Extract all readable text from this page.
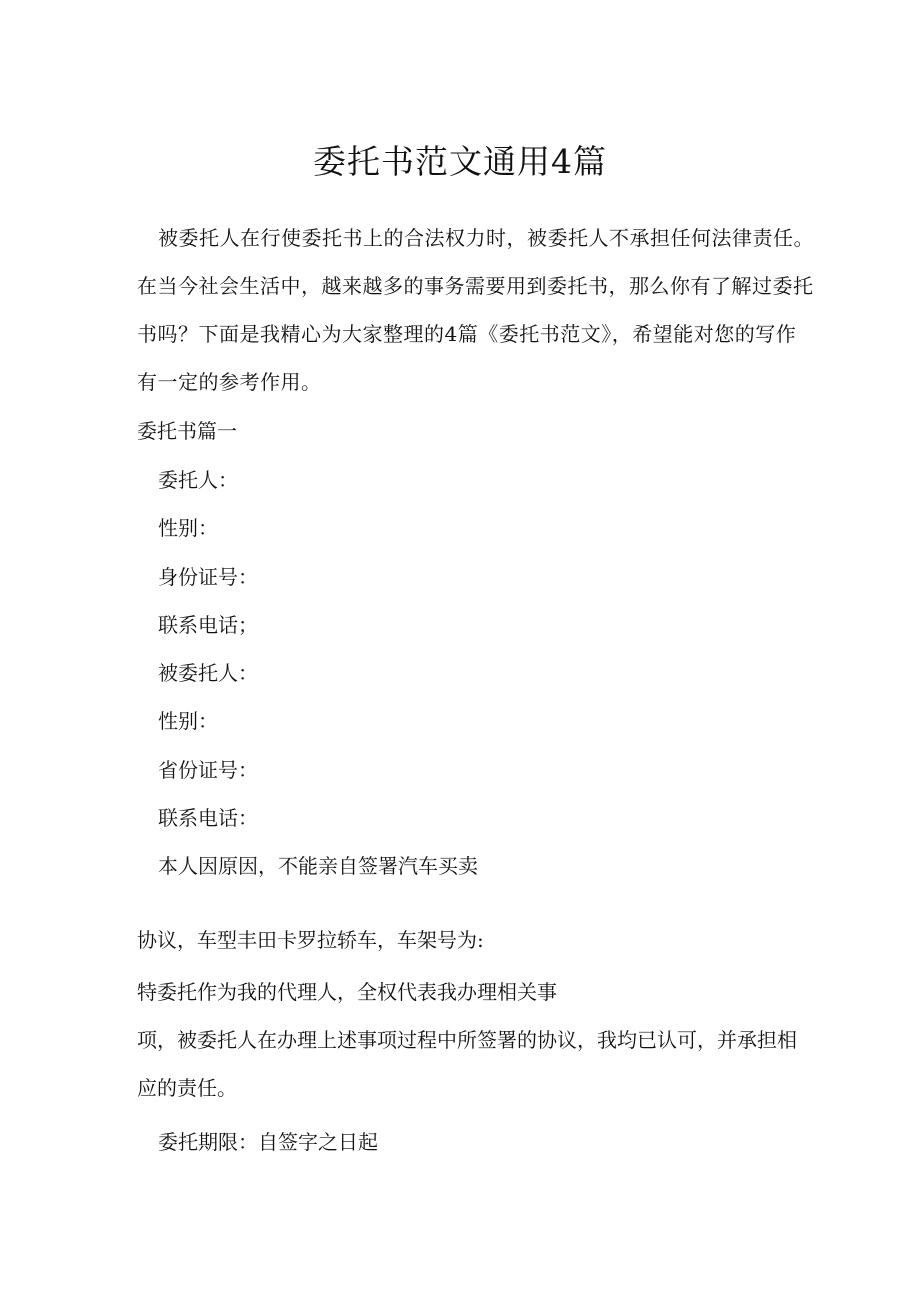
委托书范文通用4篇
被委托人在行使委托书上的合法权力时，被委托人不承担任何法律责任。
在当今社会生活中，越来越多的事务需要用到委托书，那么你有了解过委托
书吗？下面是我精心为大家整理的4篇《委托书范文》，希望能对您的写作
有一定的参考作用。
委托书篇一
委托人：
性别：
身份证号：
联系电话；
被委托人：
性别：
省份证号：
联系电话：
本人因原因，不能亲自签署汽车买卖
协议，车型丰田卡罗拉轿车，车架号为:
特委托作为我的代理人，全权代表我办理相关事
项，被委托人在办理上述事项过程中所签署的协议，我均已认可，并承担相
应的责任。
委托期限：自签字之日起
